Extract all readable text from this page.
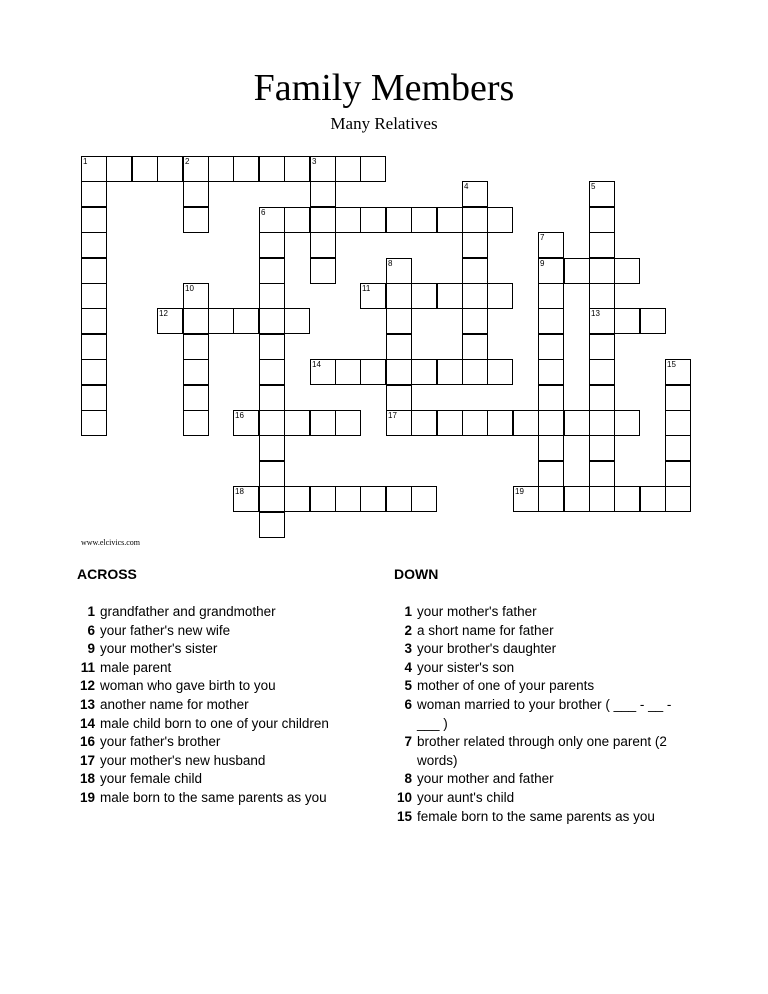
Family Members
Many Relatives
1	2	3
6
9
11
12	13
14
16	17
18	19
4	5
7
8
10
15
www.elcivics.com
ACROSS
1 grandfather and grandmother
6 your father's new wife
9 your mother's sister
11 male parent
12 woman who gave birth to you
13 another name for mother
14 male child born to one of your children
16 your father's brother
17 your mother's new husband
18 your female child
19 male born to the same parents as you
DOWN
1 your mother's father
2 a short name for father
3 your brother's daughter
4 your sister's son
5 mother of one of your parents
6 woman married to your brother ( ___ - __ - ___ )
7 brother related through only one parent (2 words)
8 your mother and father
10 your aunt's child
15 female born to the same parents as you
